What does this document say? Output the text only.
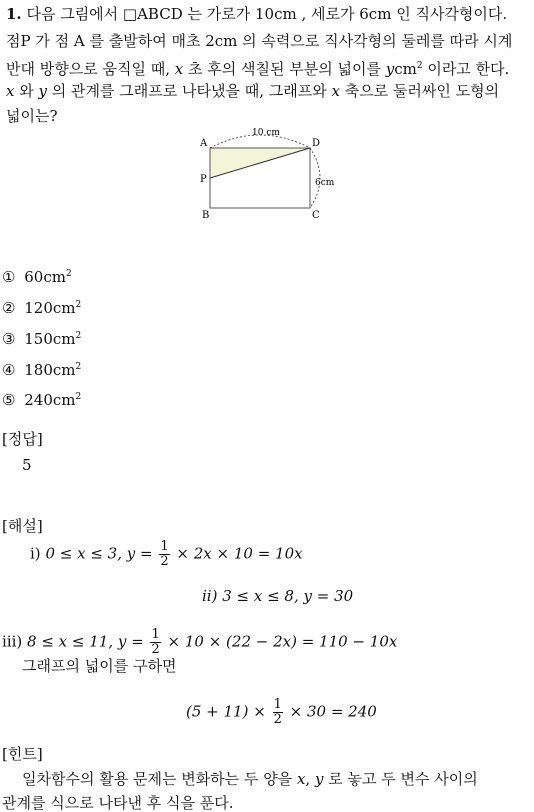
1. 다음 그림에서 □ABCD 는 가로가 10cm , 세로가 6cm 인 직사각형이다.
점P 가 점 A 를 출발하여 매초 2cm 의 속력으로 직사각형의 둘레를 따라 시계
반대 방향으로 움직일 때, x 초 후의 색칠된 부분의 넓이를 ycm$^2$ 이라고 한다.
x 와 y 의 관계를 그래프로 나타냈을 때, 그래프와 x 축으로 둘러싸인 도형의
넓이는?
A	D
P
B	C
10 cm
6cm
① $60cm^2$
② $120cm^2$
③ $150cm^2$
④ $180cm^2$
⑤ $240cm^2$
[정답]
5
[해설]
i) 0 ≤ x ≤ 3, $y = \frac{1}{2} \times 2x \times 10 = 10x$
ii) 3 ≤ x ≤ 8, y = 30
iii) 8 ≤ x ≤ 11, $y = \frac{1}{2} \times 10 \times (22 - 2x) = 110 - 10x$
그래프의 넓이를 구하면
$(5 + 11) \times \frac{1}{2} \times 30 = 240$
[힌트]
일차함수의 활용 문제는 변화하는 두 양을 x, y 로 놓고 두 변수 사이의
관계를 식으로 나타낸 후 식을 푼다.
